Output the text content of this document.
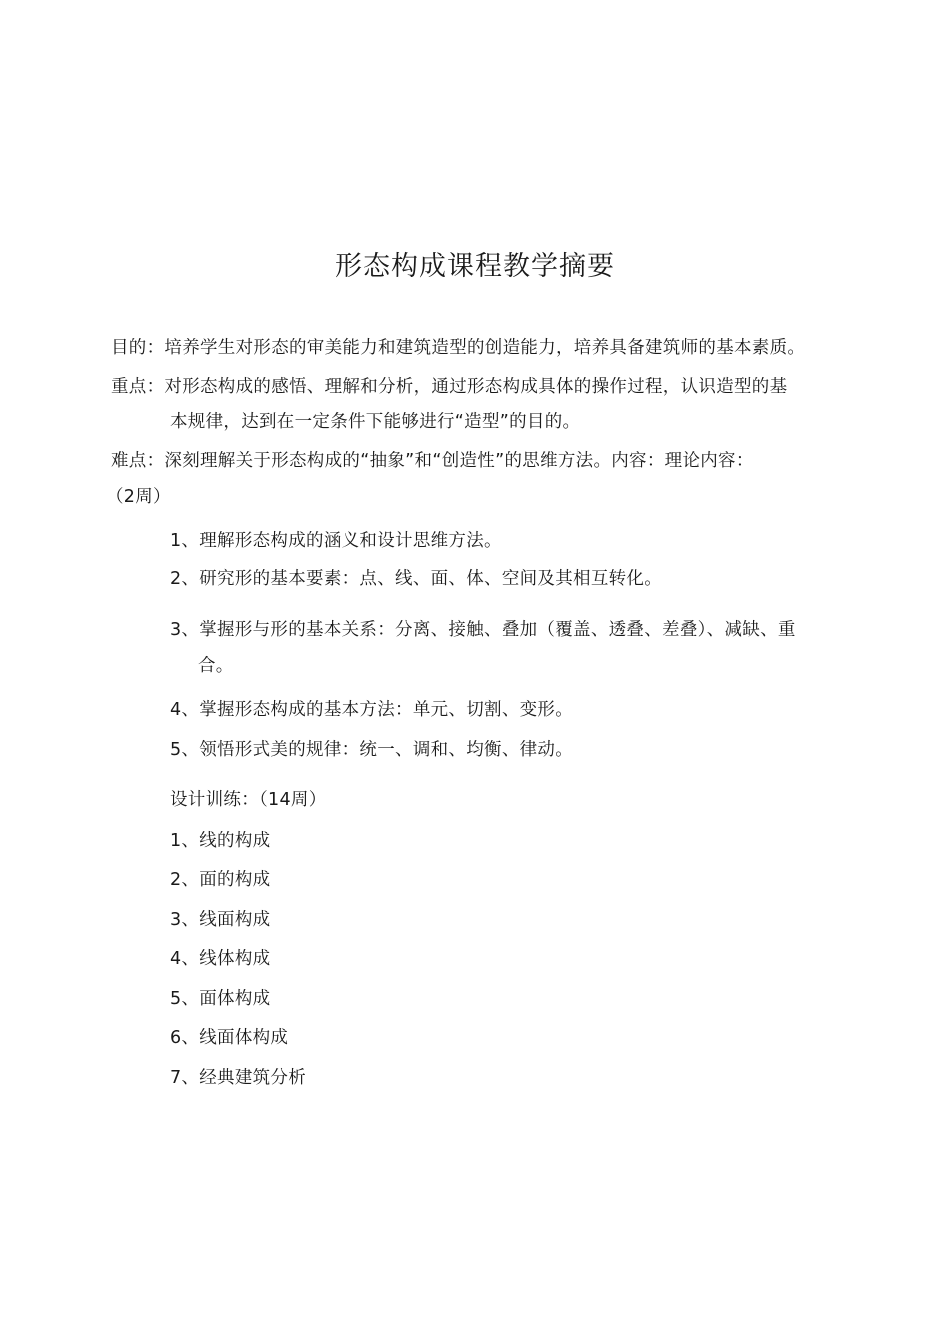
形态构成课程教学摘要
目的：培养学生对形态的审美能力和建筑造型的创造能力，培养具备建筑师的基本素质。
重点：对形态构成的感悟、理解和分析，通过形态构成具体的操作过程，认识造型的基
本规律，达到在一定条件下能够进行“造型”的目的。
难点：深刻理解关于形态构成的“抽象”和“创造性”的思维方法。内容：理论内容：
（2周）
1、理解形态构成的涵义和设计思维方法。
2、研究形的基本要素：点、线、面、体、空间及其相互转化。
3、掌握形与形的基本关系：分离、接触、叠加（覆盖、透叠、差叠）、减缺、重
合。
4、掌握形态构成的基本方法：单元、切割、变形。
5、领悟形式美的规律：统一、调和、均衡、律动。
设计训练：（14周）
1、线的构成
2、面的构成
3、线面构成
4、线体构成
5、面体构成
6、线面体构成
7、经典建筑分析
